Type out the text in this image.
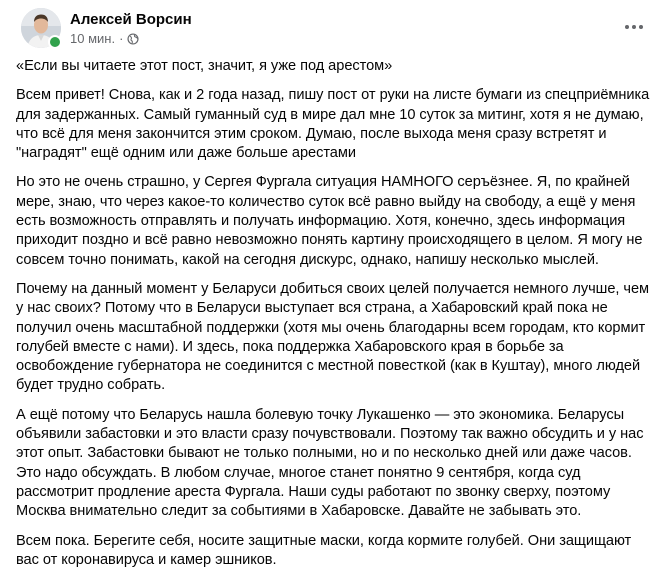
Алексей Ворсин
10 мин. ·

«Если вы читаете этот пост, значит, я уже под арестом»

Всем привет! Снова, как и 2 года назад, пишу пост от руки на листе бумаги из спецприёмника для задержанных. Самый гуманный суд в мире дал мне 10 суток за митинг, хотя я не думаю, что всё для меня закончится этим сроком. Думаю, после выхода меня сразу встретят и "наградят" ещё одним или даже больше арестами

Но это не очень страшно, у Сергея Фургала ситуация НАМНОГО серъёзнее. Я, по крайней мере, знаю, что через какое-то количество суток всё равно выйду на свободу, а ещё у меня есть возможность отправлять и получать информацию. Хотя, конечно, здесь информация приходит поздно и всё равно невозможно понять картину происходящего в целом. Я могу не совсем точно понимать, какой на сегодня дискурс, однако, напишу несколько мыслей.

Почему на данный момент у Беларуси добиться своих целей получается немного лучше, чем у нас своих? Потому что в Беларуси выступает вся страна, а Хабаровский край пока не получил очень масштабной поддержки (хотя мы очень благодарны всем городам, кто кормит голубей вместе с нами). И здесь, пока поддержка Хабаровского края в борьбе за освобождение губернатора не соединится с местной повесткой (как в Куштау), много людей будет трудно собрать.

А ещё потому что Беларусь нашла болевую точку Лукашенко — это экономика. Беларусы объявили забастовки и это власти сразу почувствовали. Поэтому так важно обсудить и у нас этот опыт. Забастовки бывают не только полными, но и по несколько дней или даже часов. Это надо обсуждать. В любом случае, многое станет понятно 9 сентября, когда суд рассмотрит продление ареста Фургала. Наши суды работают по звонку сверху, поэтому Москва внимательно следит за событиями в Хабаровске. Давайте не забывать это.

Всем пока. Берегите себя, носите защитные маски, когда кормите голубей. Они защищают вас от коронавируса и камер эшников.
